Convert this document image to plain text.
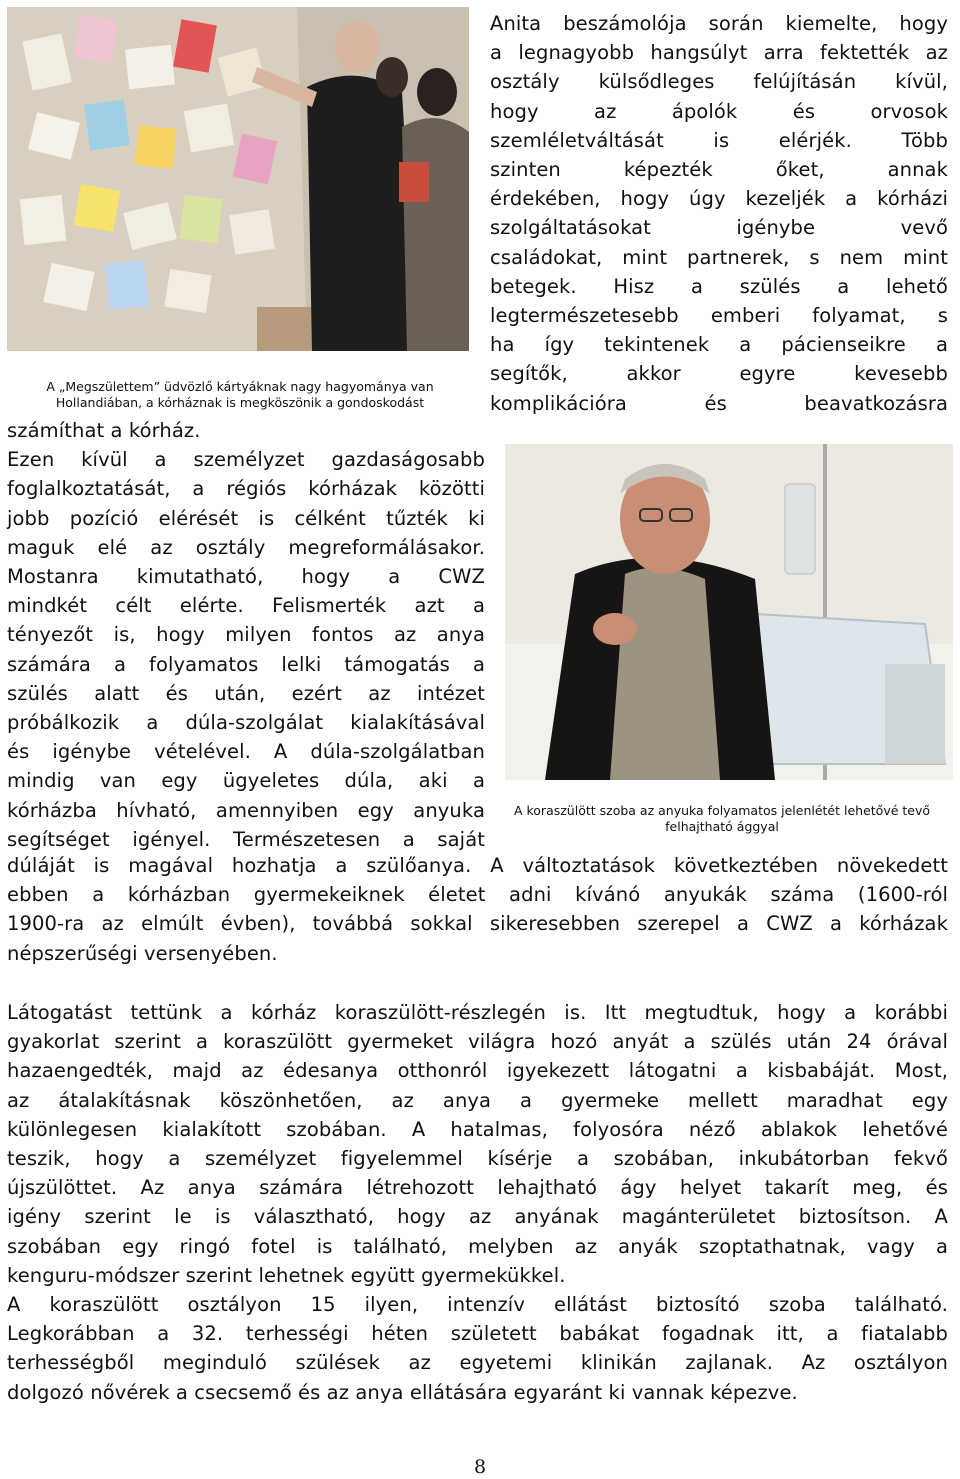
A „Megszülettem” üdvözlő kártyáknak nagy hagyománya van Hollandiában, a kórháznak is megköszönik a gondoskodást
Anita beszámolója során kiemelte, hogy
a legnagyobb hangsúlyt arra fektették az
osztály külsődleges felújításán kívül,
hogy az ápolók és orvosok
szemléletváltását is elérjék. Több
szinten képezték őket, annak
érdekében, hogy úgy kezeljék a kórházi
szolgáltatásokat igénybe vevő
családokat, mint partnerek, s nem mint
betegek. Hisz a szülés a lehető
legtermészetesebb emberi folyamat, s
ha így tekintenek a pácienseikre a
segítők, akkor egyre kevesebb
komplikációra és beavatkozásra
számíthat a kórház.
Ezen kívül a személyzet gazdaságosabb
foglalkoztatását, a régiós kórházak közötti
jobb pozíció elérését is célként tűzték ki
maguk elé az osztály megreformálásakor.
Mostanra kimutatható, hogy a CWZ
mindkét célt elérte. Felismerték azt a
tényezőt is, hogy milyen fontos az anya
számára a folyamatos lelki támogatás a
szülés alatt és után, ezért az intézet
próbálkozik a dúla-szolgálat kialakításával
és igénybe vételével. A dúla-szolgálatban
mindig van egy ügyeletes dúla, aki a
kórházba hívható, amennyiben egy anyuka
segítséget igényel. Természetesen a saját
A koraszülött szoba az anyuka folyamatos jelenlétét lehetővé tevő felhajtható ággyal
dúláját is magával hozhatja a szülőanya. A változtatások következtében növekedett
ebben a kórházban gyermekeiknek életet adni kívánó anyukák száma (1600-ról
1900-ra az elmúlt évben), továbbá sokkal sikeresebben szerepel a CWZ a kórházak
népszerűségi versenyében.
Látogatást tettünk a kórház koraszülött-részlegén is. Itt megtudtuk, hogy a korábbi
gyakorlat szerint a koraszülött gyermeket világra hozó anyát a szülés után 24 órával
hazaengedték, majd az édesanya otthonról igyekezett látogatni a kisbabáját. Most,
az átalakításnak köszönhetően, az anya a gyermeke mellett maradhat egy
különlegesen kialakított szobában. A hatalmas, folyosóra néző ablakok lehetővé
teszik, hogy a személyzet figyelemmel kísérje a szobában, inkubátorban fekvő
újszülöttet. Az anya számára létrehozott lehajtható ágy helyet takarít meg, és
igény szerint le is választható, hogy az anyának magánterületet biztosítson. A
szobában egy ringó fotel is található, melyben az anyák szoptathatnak, vagy a
kenguru-módszer szerint lehetnek együtt gyermekükkel.
A koraszülött osztályon 15 ilyen, intenzív ellátást biztosító szoba található.
Legkorábban a 32. terhességi héten született babákat fogadnak itt, a fiatalabb
terhességből meginduló szülések az egyetemi klinikán zajlanak. Az osztályon
dolgozó nővérek a csecsemő és az anya ellátására egyaránt ki vannak képezve.
8
